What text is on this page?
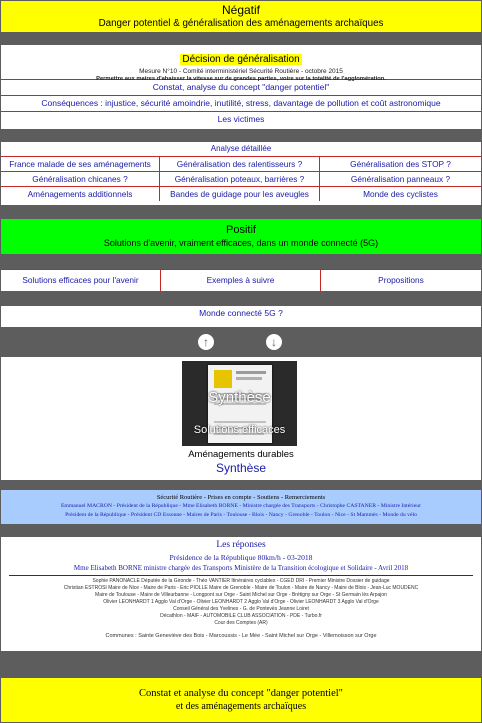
Négatif
Danger potentiel & généralisation des aménagements archaïques
Décision de généralisation
Mesure N°10 - Comité interministériel Sécurité Routière - octobre 2015
Permettre aux maires d'abaisser la vitesse sur de grandes parties, voire sur la totalité de l'agglomération.
Constat, analyse du concept "danger potentiel"
Conséquences : injustice, sécurité amoindrie, inutilité, stress, davantage de pollution et coût astronomique
Les victimes
Analyse détaillée
France malade de ses aménagements	Généralisation des ralentisseurs ?	Généralisation des STOP ?
Généralisation chicanes ?	Généralisation poteaux, barrières ?	Généralisation panneaux ?
Aménagements additionnels	Bandes de guidage pour les aveugles	Monde des cyclistes
Positif
Solutions d'avenir, vraiment efficaces, dans un monde connecté (5G)
Solutions efficaces pour l'avenir	Exemples à suivre	Propositions
Monde connecté 5G ?
↑	↓
Synthèse
Solutions efficaces
Aménagements durables
Synthèse
Sécurité Routière - Prises en compte - Soutiens - Remerciements
Emmanuel MACRON - Président de la République - Mme Elisabeth BORNE - Ministre chargée des Transports - Christophe CASTANER - Ministre Intérieur
Président de la République - Président CD Essonne - Maires de Paris - Toulouse - Blois - Nancy - Grenoble - Toulon - Nice - St Mammès - Monde du vélo
Les réponses
Présidence de la République 80km/h - 03-2018
Mme Elisabeth BORNE ministre chargée des Transports Ministère de la Transition écologique et Solidaire - Avril 2018
Sophie PANONACLE Députée de la Gironde - Théo VANTIER Itinéraires cyclables - CGED DRI - Premier Ministre Dossier de guidage
Christian ESTROSI Maire de Nice - Maire de Paris - Eric PIOLLE Maire de Grenoble - Maire de Toulon - Maire de Nancy - Maire de Blois - Jean-Luc MOUDENC
Maire de Toulouse - Maire de Villeurbanne - Longpont sur Orge - Saint Michel sur Orge - Brétigny sur Orge - St Germain lès Arpajon
Olivier LEONHARDT 1 Agglo Val d'Orge - Olivier LEONHARDT 2 Agglo Val d'Orge - Olivier LEONHARDT 3 Agglo Val d'Orge
Conseil Général des Yvelines - G. de Pontevès Jeanne Loiret
Décathlon - MAIF - AUTOMOBILE CLUB ASSOCIATION - PDE - Turbo.fr
Cour des Comptes (AR)
Communes : Sainte Geneviève des Bois - Marcoussis - Le Mée - Saint Michel sur Orge - Villemoisson sur Orge
Constat et analyse du concept "danger potentiel"
et des aménagements archaïques
